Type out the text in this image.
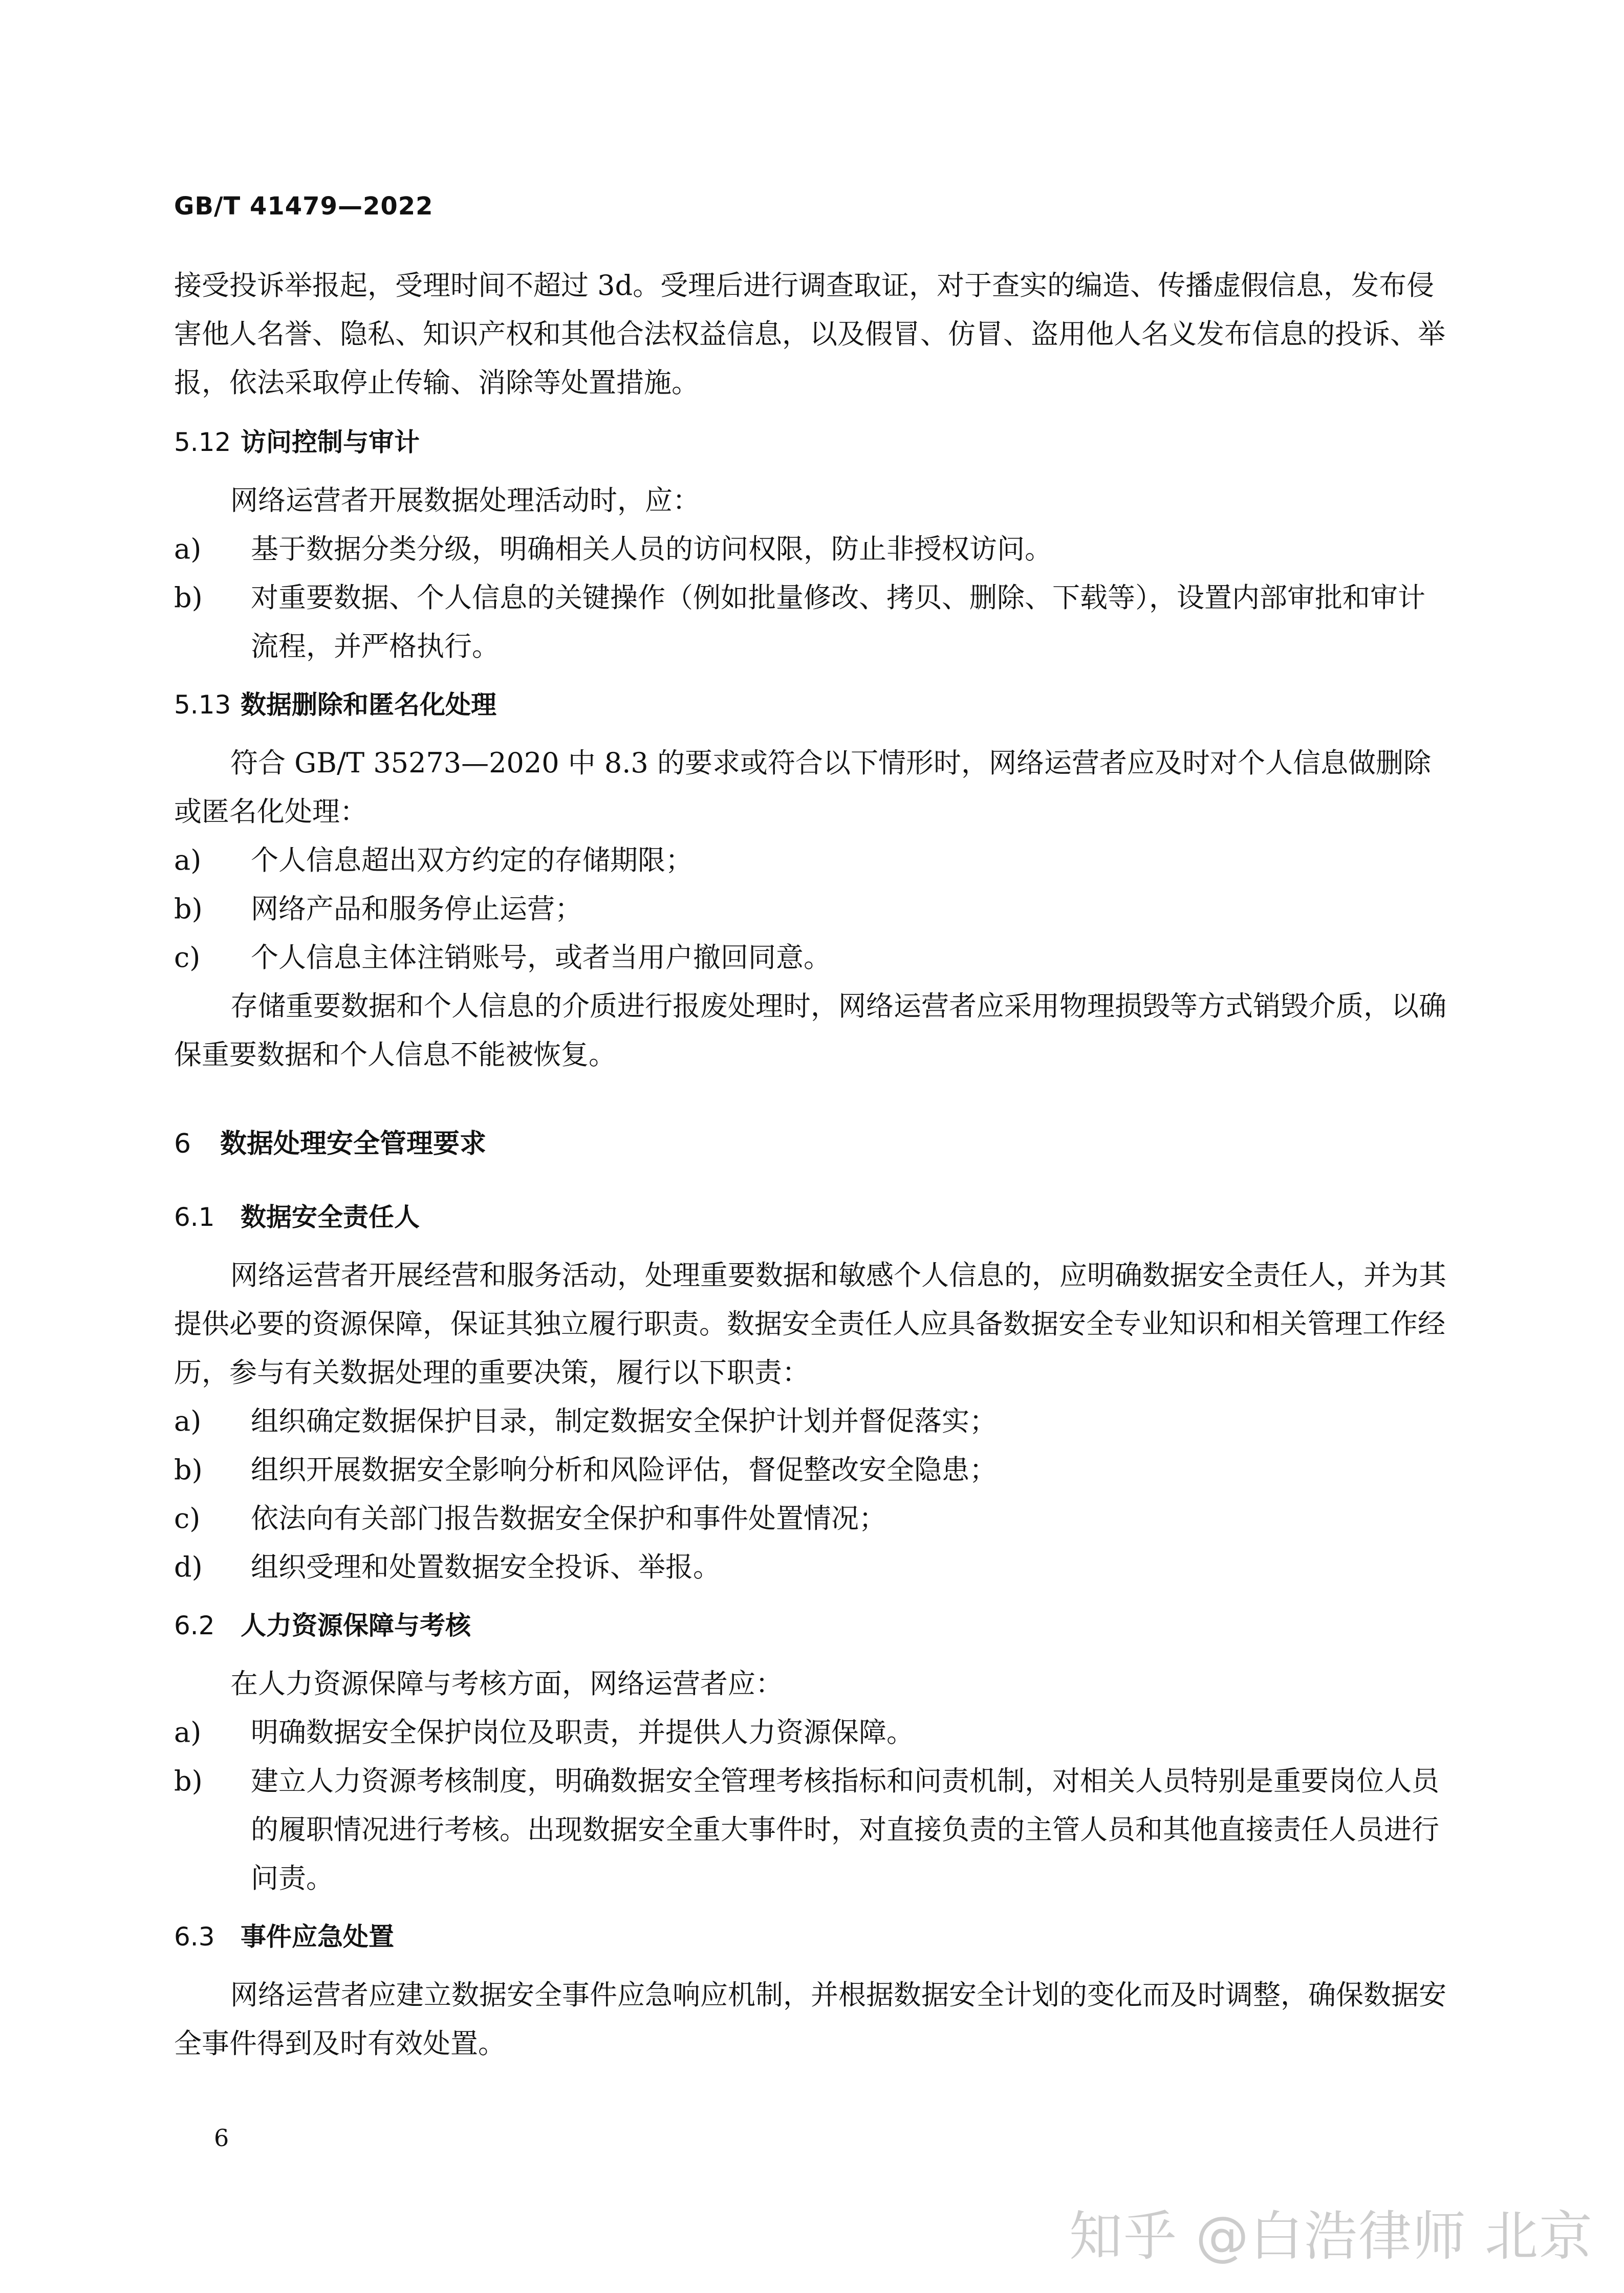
GB/T 41479—2022

接受投诉举报起，受理时间不超过 3d。受理后进行调查取证，对于查实的编造、传播虚假信息，发布侵害他人名誉、隐私、知识产权和其他合法权益信息，以及假冒、仿冒、盗用他人名义发布信息的投诉、举报，依法采取停止传输、消除等处置措施。

5.12 访问控制与审计

网络运营者开展数据处理活动时，应：

a)	基于数据分类分级，明确相关人员的访问权限，防止非授权访问。
b)	对重要数据、个人信息的关键操作（例如批量修改、拷贝、删除、下载等），设置内部审批和审计流程，并严格执行。
5.13 数据删除和匿名化处理

符合 GB/T 35273—2020 中 8.3 的要求或符合以下情形时，网络运营者应及时对个人信息做删除或匿名化处理：

a)	个人信息超出双方约定的存储期限；
b)	网络产品和服务停止运营；
c)	个人信息主体注销账号，或者当用户撤回同意。

存储重要数据和个人信息的介质进行报废处理时，网络运营者应采用物理损毁等方式销毁介质，以确保重要数据和个人信息不能被恢复。

6 数据处理安全管理要求
6.1 数据安全责任人

网络运营者开展经营和服务活动，处理重要数据和敏感个人信息的，应明确数据安全责任人，并为其提供必要的资源保障，保证其独立履行职责。数据安全责任人应具备数据安全专业知识和相关管理工作经历，参与有关数据处理的重要决策，履行以下职责：

a)	组织确定数据保护目录，制定数据安全保护计划并督促落实；
b)	组织开展数据安全影响分析和风险评估，督促整改安全隐患；
c)	依法向有关部门报告数据安全保护和事件处置情况；
d)	组织受理和处置数据安全投诉、举报。
6.2 人力资源保障与考核

在人力资源保障与考核方面，网络运营者应：

a)	明确数据安全保护岗位及职责，并提供人力资源保障。
b)	建立人力资源考核制度，明确数据安全管理考核指标和问责机制，对相关人员特别是重要岗位人员的履职情况进行考核。出现数据安全重大事件时，对直接负责的主管人员和其他直接责任人员进行问责。
6.3 事件应急处置

网络运营者应建立数据安全事件应急响应机制，并根据数据安全计划的变化而及时调整，确保数据安全事件得到及时有效处置。

6
知乎 @白浩律师 北京
